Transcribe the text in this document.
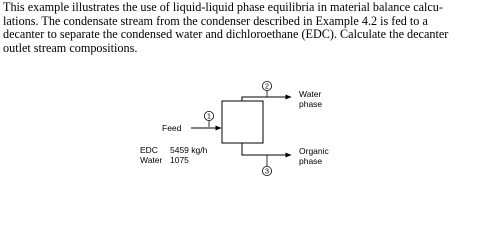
This example illustrates the use of liquid-liquid phase equilibria in material balance calcu-
lations. The condensate stream from the condenser described in Example 4.2 is fed to a
decanter to separate the condensed water and dichloroethane (EDC). Calculate the decanter
outlet stream compositions.
1
2
3
Feed
EDC 5459 kg/h
Water 1075
Water
phase
Organic
phase
